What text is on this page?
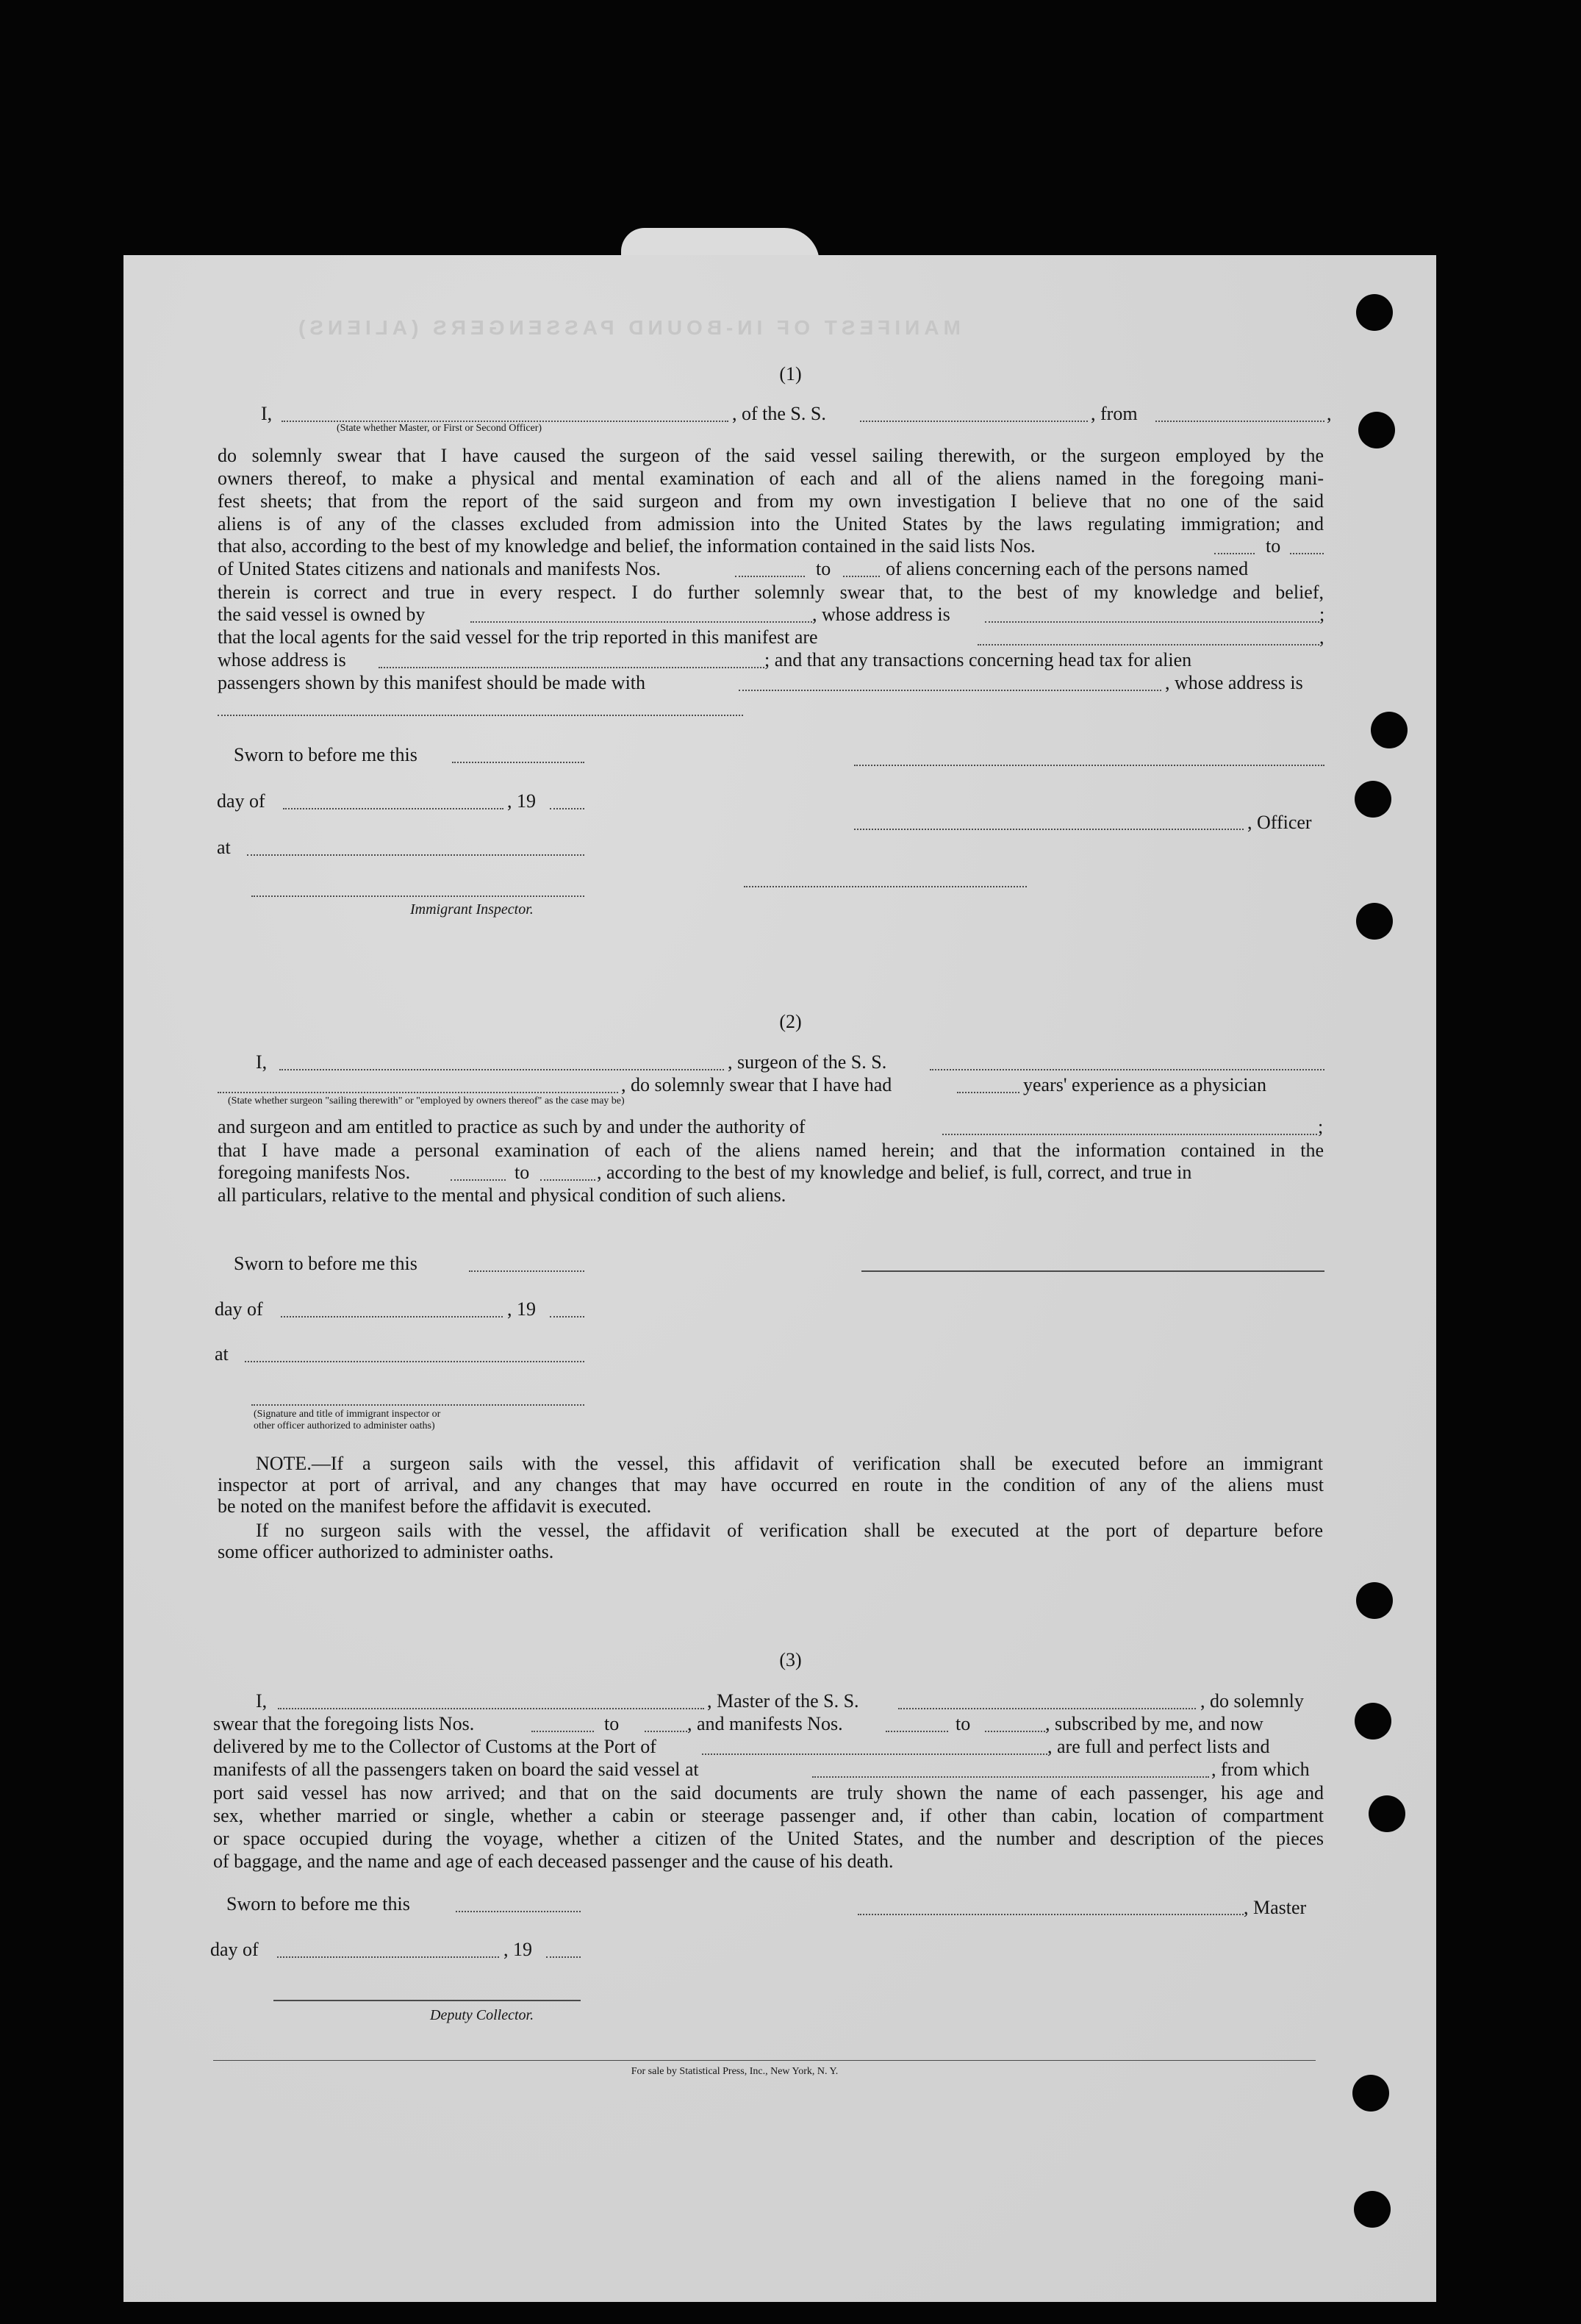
MANIFEST OF IN-BOUND PASSENGERS (ALIENS)
(1)
I,	, of the S. S.	, from	,
(State whether Master, or First or Second Officer)
do solemnly swear that I have caused the surgeon of the said vessel sailing therewith, or the surgeon employed by the
owners thereof, to make a physical and mental examination of each and all of the aliens named in the foregoing mani-
fest sheets; that from the report of the said surgeon and from my own investigation I believe that no one of the said
aliens is of any of the classes excluded from admission into the United States by the laws regulating immigration; and
that also, according to the best of my knowledge and belief, the information contained in the said lists Nos.	to
of United States citizens and nationals and manifests Nos.	to	of aliens concerning each of the persons named
therein is correct and true in every respect. I do further solemnly swear that, to the best of my knowledge and belief,
the said vessel is owned by	, whose address is	;
that the local agents for the said vessel for the trip reported in this manifest are	,
whose address is	; and that any transactions concerning head tax for alien
passengers shown by this manifest should be made with	, whose address is
Sworn to before me this
day of	, 19
, Officer
at
Immigrant Inspector.
(2)
I,	, surgeon of the S. S.
, do solemnly swear that I have had	years' experience as a physician
(State whether surgeon "sailing therewith" or "employed by owners thereof" as the case may be)
and surgeon and am entitled to practice as such by and under the authority of	;
that I have made a personal examination of each of the aliens named herein; and that the information contained in the
foregoing manifests Nos.	to	, according to the best of my knowledge and belief, is full, correct, and true in
all particulars, relative to the mental and physical condition of such aliens.
Sworn to before me this
day of	, 19
at
(Signature and title of immigrant inspector or
other officer authorized to administer oaths)
NOTE.—If a surgeon sails with the vessel, this affidavit of verification shall be executed before an immigrant
inspector at port of arrival, and any changes that may have occurred en route in the condition of any of the aliens must
be noted on the manifest before the affidavit is executed.
If no surgeon sails with the vessel, the affidavit of verification shall be executed at the port of departure before
some officer authorized to administer oaths.
(3)
I,	, Master of the S. S.	, do solemnly
swear that the foregoing lists Nos.	to	, and manifests Nos.	to	, subscribed by me, and now
delivered by me to the Collector of Customs at the Port of	, are full and perfect lists and
manifests of all the passengers taken on board the said vessel at	, from which
port said vessel has now arrived; and that on the said documents are truly shown the name of each passenger, his age and
sex, whether married or single, whether a cabin or steerage passenger and, if other than cabin, location of compartment
or space occupied during the voyage, whether a citizen of the United States, and the number and description of the pieces
of baggage, and the name and age of each deceased passenger and the cause of his death.
Sworn to before me this	, Master
day of	, 19
Deputy Collector.
For sale by Statistical Press, Inc., New York, N. Y.
